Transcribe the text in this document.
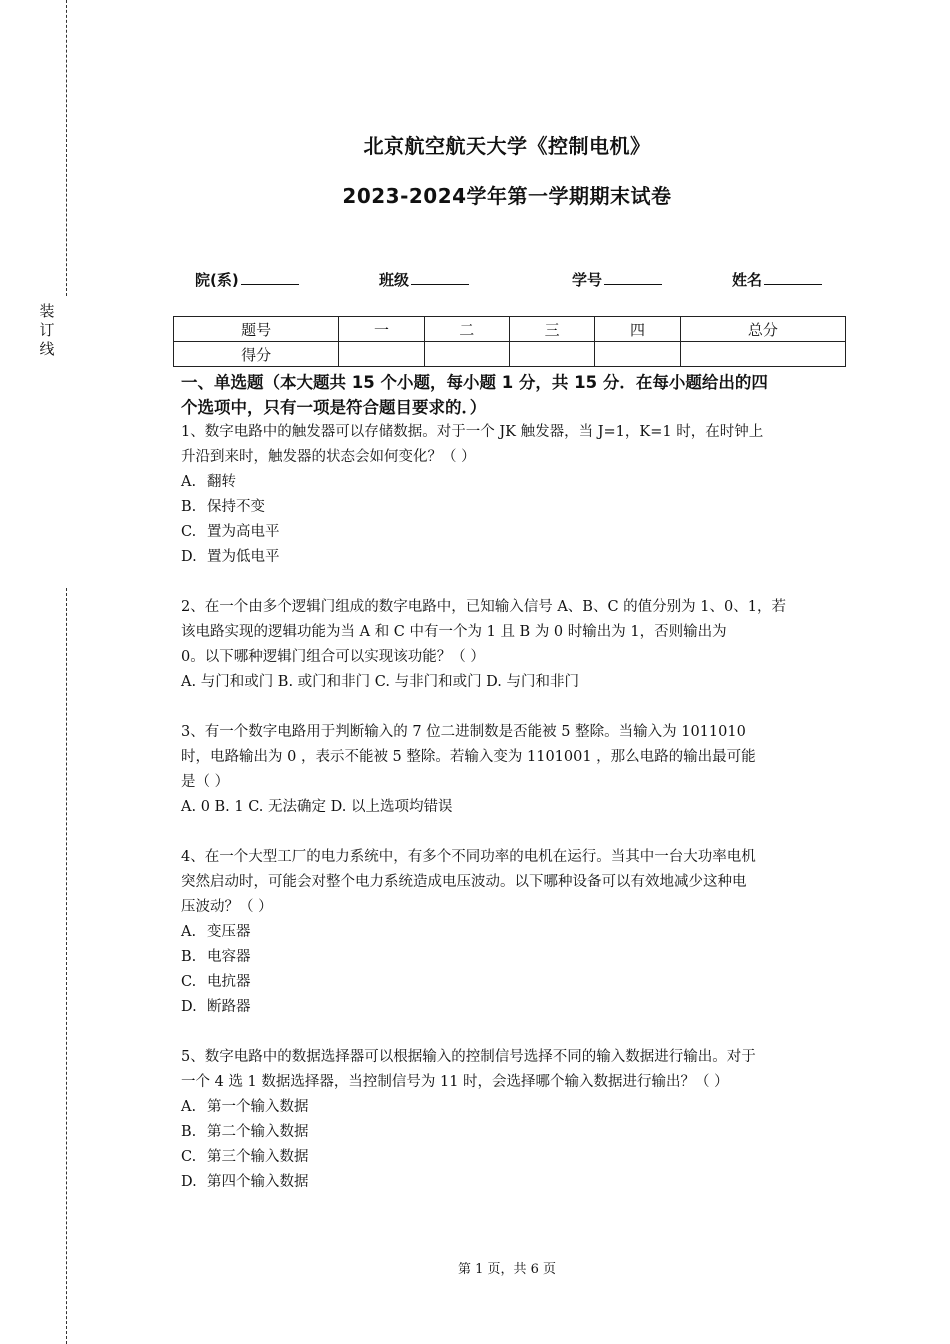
装
订
线
北京航空航天大学《控制电机》
2023-2024学年第一学期期末试卷
院(系)	班级	学号	姓名
题号	一	二	三	四	总分
得分					

一、单选题（本大题共 15 个小题，每小题 1 分，共 15 分．在每小题给出的四

个选项中，只有一项是符合题目要求的．）

1、数字电路中的触发器可以存储数据。对于一个 JK 触发器，当 J=1，K=1 时，在时钟上

升沿到来时，触发器的状态会如何变化？（ ）

A. 翻转

B. 保持不变

C. 置为高电平

D. 置为低电平

2、在一个由多个逻辑门组成的数字电路中，已知输入信号 A、B、C 的值分别为 1、0、1，若

该电路实现的逻辑功能为当 A 和 C 中有一个为 1 且 B 为 0 时输出为 1，否则输出为

0。以下哪种逻辑门组合可以实现该功能？（ ）

A. 与门和或门 B. 或门和非门 C. 与非门和或门 D. 与门和非门

3、有一个数字电路用于判断输入的 7 位二进制数是否能被 5 整除。当输入为 1011010

时，电路输出为 0 ，表示不能被 5 整除。若输入变为 1101001 ，那么电路的输出最可能

是（ ）

A. 0 B. 1 C. 无法确定 D. 以上选项均错误

4、在一个大型工厂的电力系统中，有多个不同功率的电机在运行。当其中一台大功率电机

突然启动时，可能会对整个电力系统造成电压波动。以下哪种设备可以有效地减少这种电

压波动？（ ）

A. 变压器

B. 电容器

C. 电抗器

D. 断路器

5、数字电路中的数据选择器可以根据输入的控制信号选择不同的输入数据进行输出。对于

一个 4 选 1 数据选择器，当控制信号为 11 时，会选择哪个输入数据进行输出？（ ）

A. 第一个输入数据

B. 第二个输入数据

C. 第三个输入数据

D. 第四个输入数据

第 1 页，共 6 页
